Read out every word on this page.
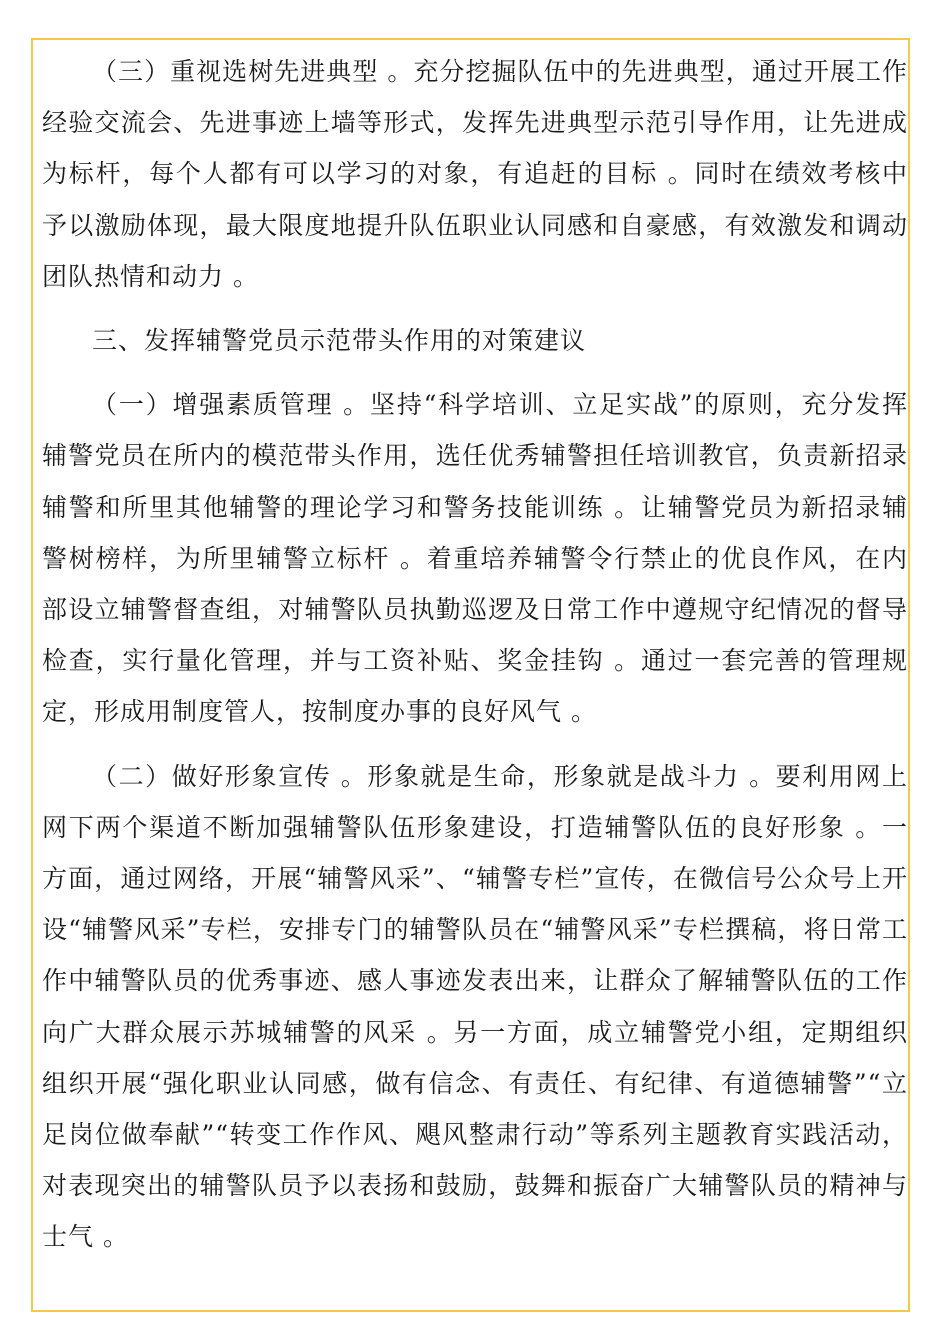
（三）重视选树先进典型 。充分挖掘队伍中的先进典型，通过开展工作经验交流会、先进事迹上墙等形式，发挥先进典型示范引导作用，让先进成为标杆，每个人都有可以学习的对象，有追赶的目标 。同时在绩效考核中予以激励体现，最大限度地提升队伍职业认同感和自豪感，有效激发和调动团队热情和动力 。

三、发挥辅警党员示范带头作用的对策建议

（一）增强素质管理 。坚持“科学培训、立足实战”的原则，充分发挥辅警党员在所内的模范带头作用，选任优秀辅警担任培训教官，负责新招录辅警和所里其他辅警的理论学习和警务技能训练 。让辅警党员为新招录辅警树榜样，为所里辅警立标杆 。着重培养辅警令行禁止的优良作风，在内部设立辅警督查组，对辅警队员执勤巡逻及日常工作中遵规守纪情况的督导检查，实行量化管理，并与工资补贴、奖金挂钩 。通过一套完善的管理规定，形成用制度管人，按制度办事的良好风气 。

（二）做好形象宣传 。形象就是生命，形象就是战斗力 。要利用网上网下两个渠道不断加强辅警队伍形象建设，打造辅警队伍的良好形象 。一方面，通过网络，开展“辅警风采”、“辅警专栏”宣传，在微信号公众号上开设“辅警风采”专栏，安排专门的辅警队员在“辅警风采”专栏撰稿，将日常工作中辅警队员的优秀事迹、感人事迹发表出来，让群众了解辅警队伍的工作向广大群众展示苏城辅警的风采 。另一方面，成立辅警党小组，定期组织组织开展“强化职业认同感，做有信念、有责任、有纪律、有道德辅警”“立足岗位做奉献”“转变工作作风、飓风整肃行动”等系列主题教育实践活动，对表现突出的辅警队员予以表扬和鼓励，鼓舞和振奋广大辅警队员的精神与士气 。
